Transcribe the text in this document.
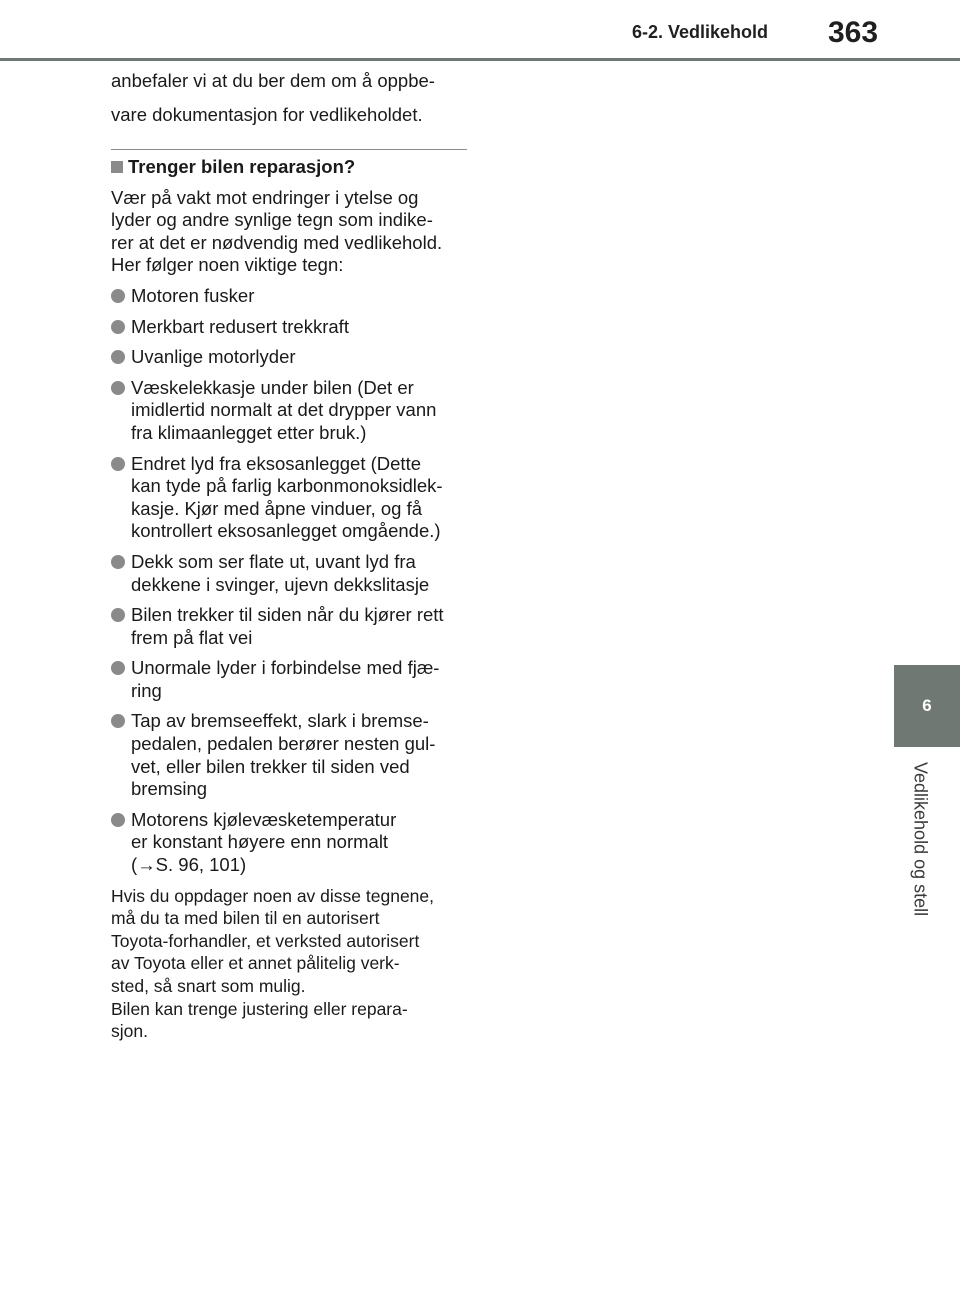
6-2. Vedlikehold 363
6
Vedlikehold og stell

anbefaler vi at du ber dem om å oppbe-

vare dokumentasjon for vedlikeholdet.

Trenger bilen reparasjon?
Vær på vakt mot endringer i ytelse og
lyder og andre synlige tegn som indike-
rer at det er nødvendig med vedlikehold.
Her følger noen viktige tegn:
Motoren fusker
Merkbart redusert trekkraft
Uvanlige motorlyder
Væskelekkasje under bilen (Det er
imidlertid normalt at det drypper vann
fra klimaanlegget etter bruk.)
Endret lyd fra eksosanlegget (Dette
kan tyde på farlig karbonmonoksidlek-
kasje. Kjør med åpne vinduer, og få
kontrollert eksosanlegget omgående.)
Dekk som ser flate ut, uvant lyd fra
dekkene i svinger, ujevn dekkslitasje
Bilen trekker til siden når du kjører rett
frem på flat vei
Unormale lyder i forbindelse med fjæ-
ring
Tap av bremseeffekt, slark i bremse-
pedalen, pedalen berører nesten gul-
vet, eller bilen trekker til siden ved
bremsing
Motorens kjølevæsketemperatur
er konstant høyere enn normalt
(→S. 96, 101)

Hvis du oppdager noen av disse tegnene,

må du ta med bilen til en autorisert

Toyota-forhandler, et verksted autorisert

av Toyota eller et annet pålitelig verk-

sted, så snart som mulig.

Bilen kan trenge justering eller repara-

sjon.
